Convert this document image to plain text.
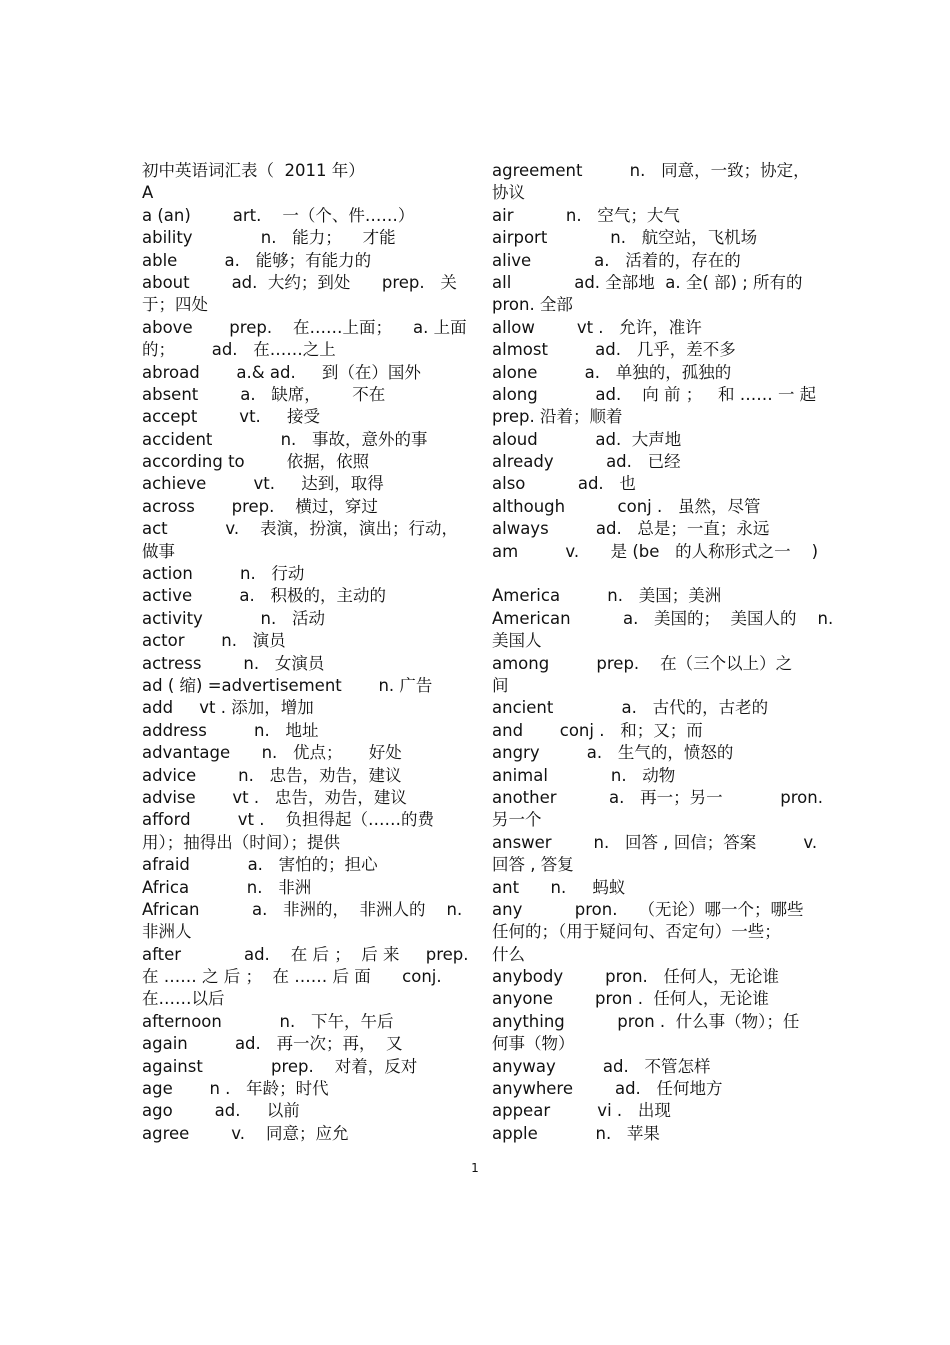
初中英语词汇表（  2011 年）
A
a (an)        art.    一（个、件……）
ability             n.   能力；    才能
able         a.   能够；有能力的
about        ad.  大约；到处      prep.   关
于；四处
above       prep.    在……上面；    a. 上面
的；       ad.   在……之上
abroad       a.& ad.     到（在）国外
absent        a.   缺席，      不在
accept        vt.     接受
accident             n.   事故，意外的事
according to        依据，依照
achieve         vt.     达到，取得
across       prep.    横过，穿过
act           v.    表演，扮演，演出；行动，
做事
action         n.   行动
active         a.   积极的，主动的
activity           n.   活动
actor       n.   演员
actress        n.   女演员
ad ( 缩) =advertisement       n. 广告
add     vt . 添加，增加
address         n.   地址
advantage      n.   优点；     好处
advice        n.   忠告，劝告，建议
advise       vt .   忠告，劝告，建议
afford         vt .    负担得起（……的费
用）；抽得出（时间）；提供
afraid           a.   害怕的；担心
Africa           n.   非洲
African          a.   非洲的，  非洲人的    n.
非洲人
after            ad.    在 后 ；  后 来     prep.
在 …… 之 后 ；  在 …… 后 面      conj.
在……以后
afternoon           n.   下午，午后
again         ad.   再一次；再，  又
against             prep.    对着，反对
age       n .   年龄；时代
ago        ad.     以前
agree        v.    同意；应允
agreement         n.   同意，一致；协定，
协议
air          n.   空气；大气
airport            n.   航空站，飞机场
alive            a.   活着的，存在的
all            ad. 全部地  a. 全( 部) ; 所有的
pron. 全部
allow        vt .   允许，准许
almost         ad.   几乎，差不多
alone         a.   单独的，孤独的
along           ad.    向 前 ；   和 …… 一 起
prep. 沿着；顺着
aloud           ad.  大声地
already          ad.   已经
also          ad.   也
although          conj .   虽然，尽管
always         ad.   总是；一直；永远
am         v.      是 (be   的人称形式之一    )
America         n.   美国；美洲
American          a.   美国的；  美国人的    n.
美国人
among         prep.    在（三个以上）之
间
ancient             a.   古代的，古老的
and       conj .   和；又；而
angry         a.   生气的，愤怒的
animal            n.   动物
another          a.   再一；另一           pron.
另一个
answer        n.   回答 , 回信；答案         v.
回答 , 答复
ant      n.     蚂蚁
any          pron.    （无论）哪一个；哪些
任何的；（用于疑问句、否定句）一些；
什么
anybody        pron.   任何人，无论谁
anyone        pron .  任何人，无论谁
anything          pron .  什么事（物）；任
何事（物）
anyway         ad.   不管怎样
anywhere        ad.   任何地方
appear         vi .   出现
apple           n.   苹果
1
